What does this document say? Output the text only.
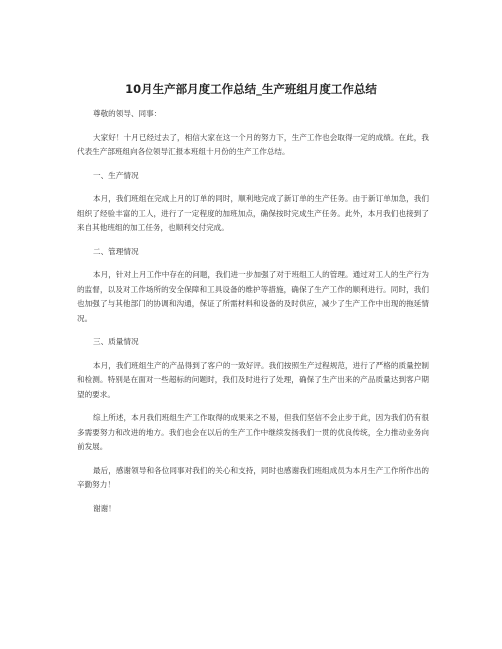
10月生产部月度工作总结_生产班组月度工作总结

尊敬的领导、同事：

大家好！十月已经过去了，相信大家在这一个月的努力下，生产工作也会取得一定的成绩。在此，我代表生产部班组向各位领导汇报本班组十月份的生产工作总结。

一、生产情况

本月，我们班组在完成上月的订单的同时，顺利地完成了新订单的生产任务。由于新订单加急，我们组织了经验丰富的工人，进行了一定程度的加班加点，确保按时完成生产任务。此外，本月我们也接到了来自其他班组的加工任务，也顺利交付完成。

二、管理情况

本月，针对上月工作中存在的问题，我们进一步加强了对于班组工人的管理。通过对工人的生产行为的监督，以及对工作场所的安全保障和工具设备的维护等措施，确保了生产工作的顺利进行。同时，我们也加强了与其他部门的协调和沟通，保证了所需材料和设备的及时供应，减少了生产工作中出现的拖延情况。

三、质量情况

本月，我们班组生产的产品得到了客户的一致好评。我们按照生产过程规范，进行了严格的质量控制和检测。特别是在面对一些超标的问题时，我们及时进行了处理，确保了生产出来的产品质量达到客户期望的要求。

综上所述，本月我们班组生产工作取得的成果来之不易，但我们坚信不会止步于此，因为我们仍有很多需要努力和改进的地方。我们也会在以后的生产工作中继续发扬我们一贯的优良传统，全力推动业务向前发展。

最后，感谢领导和各位同事对我们的关心和支持，同时也感谢我们班组成员为本月生产工作所作出的辛勤努力！

谢谢！
